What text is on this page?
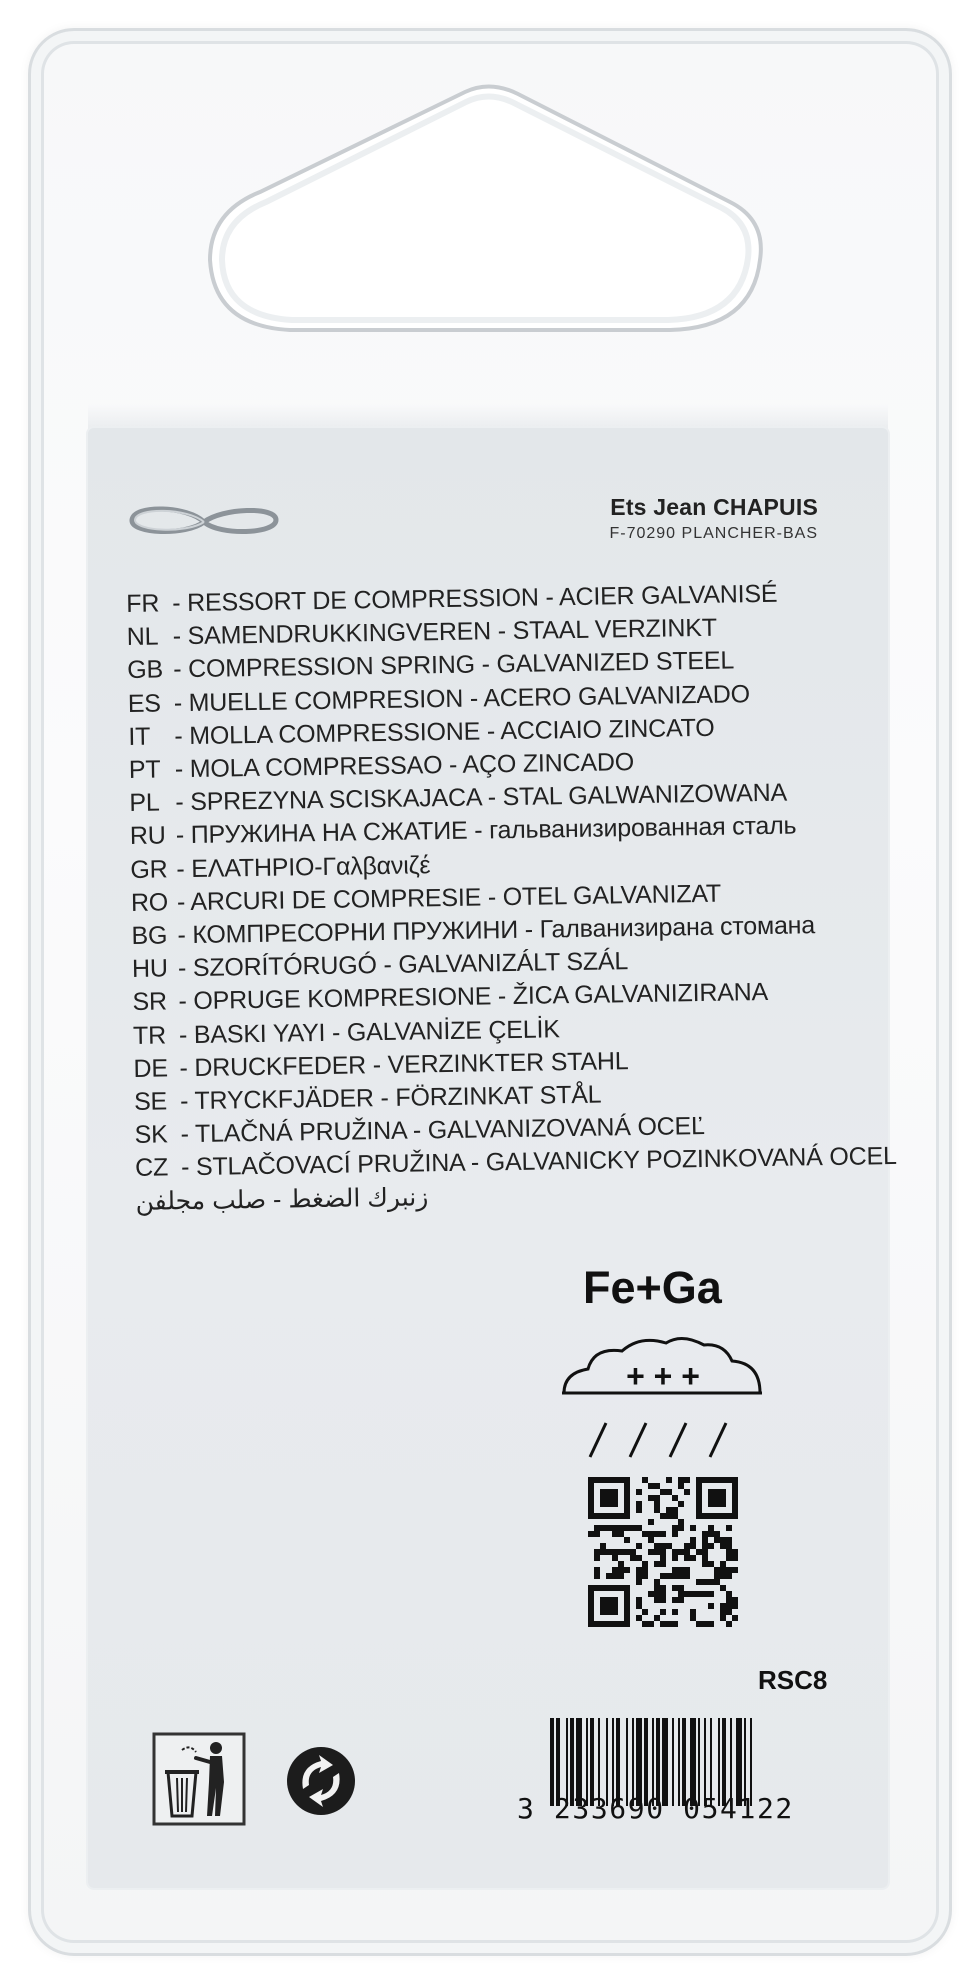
Ets Jean CHAPUIS
F-70290 PLANCHER-BAS
FR - RESSORT DE COMPRESSION - ACIER GALVANISÉ
NL - SAMENDRUKKINGVEREN - STAAL VERZINKT
GB - COMPRESSION SPRING - GALVANIZED STEEL
ES - MUELLE COMPRESION - ACERO GALVANIZADO
IT - MOLLA COMPRESSIONE - ACCIAIO ZINCATO
PT - MOLA COMPRESSAO - AÇO ZINCADO
PL - SPREZYNA SCISKAJACA - STAL GALWANIZOWANA
RU - ПРУЖИНА НА СЖАТИЕ - гальванизированная сталь
GR - ΕΛΑΤΗΡΙΟ-Γαλβανιζέ
RO - ARCURI DE COMPRESIE - OTEL GALVANIZAT
BG - КОМПРЕСОРНИ ПРУЖИНИ - Галванизирана стомана
HU - SZORÍTÓRUGÓ - GALVANIZÁLT SZÁL
SR - OPRUGE KOMPRESIONE - ŽICA GALVANIZIRANA
TR - BASKI YAYI - GALVANİZE ÇELİK
DE - DRUCKFEDER - VERZINKTER STAHL
SE - TRYCKFJÄDER - FÖRZINKAT STÅL
SK - TLAČNÁ PRUŽINA - GALVANIZOVANÁ OCEĽ
CZ - STLAČOVACÍ PRUŽINA - GALVANICKY POZINKOVANÁ OCEL
زنبرك الضغط - صلب مجلفن
Fe+Ga
+ + +
RSC8
3 233690 054122
